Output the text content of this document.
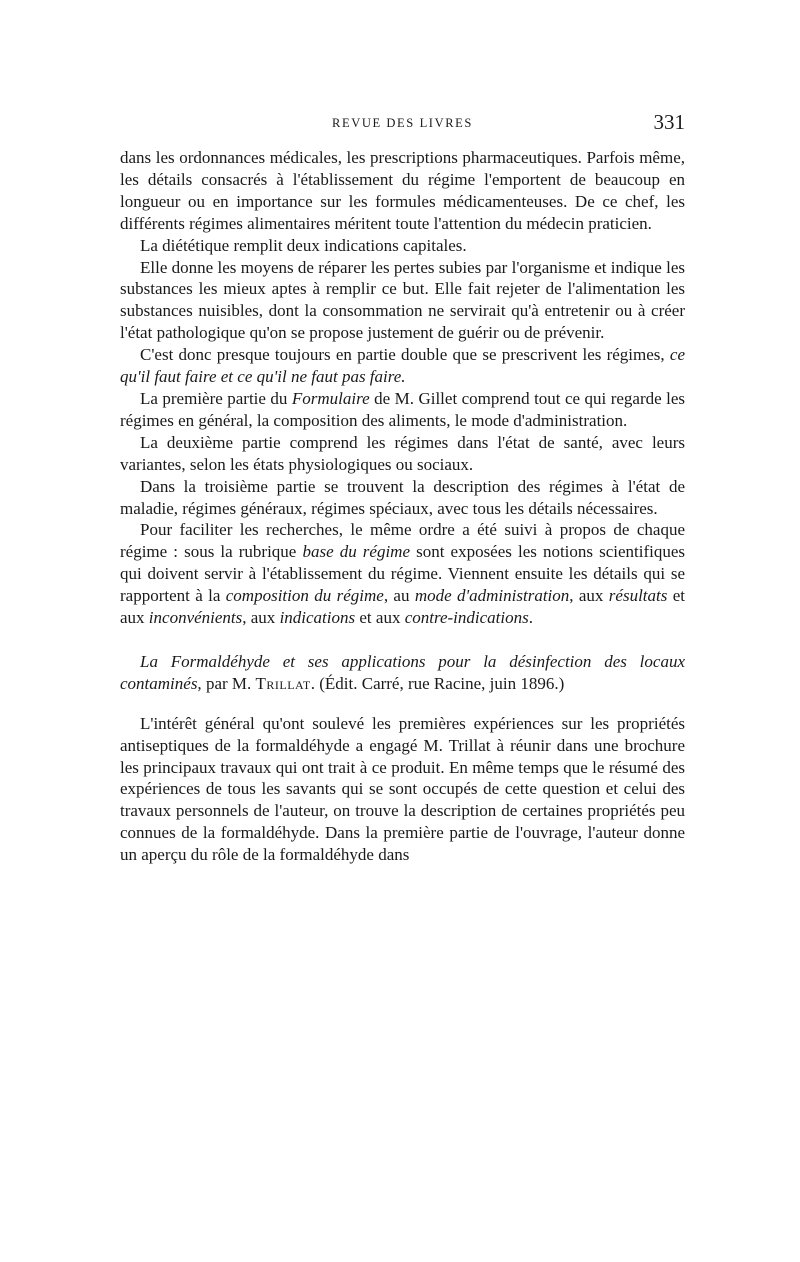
REVUE DES LIVRES	331

dans les ordonnances médicales, les prescriptions pharmaceutiques. Parfois même, les détails consacrés à l'établissement du régime l'emportent de beaucoup en longueur ou en importance sur les formules médicamenteuses. De ce chef, les différents régimes alimentaires méritent toute l'attention du médecin praticien.

La diététique remplit deux indications capitales.

Elle donne les moyens de réparer les pertes subies par l'organisme et indique les substances les mieux aptes à remplir ce but. Elle fait rejeter de l'alimentation les substances nuisibles, dont la consommation ne servirait qu'à entretenir ou à créer l'état pathologique qu'on se propose justement de guérir ou de prévenir.

C'est donc presque toujours en partie double que se prescrivent les régimes, ce qu'il faut faire et ce qu'il ne faut pas faire.

La première partie du Formulaire de M. Gillet comprend tout ce qui regarde les régimes en général, la composition des aliments, le mode d'administration.

La deuxième partie comprend les régimes dans l'état de santé, avec leurs variantes, selon les états physiologiques ou sociaux.

Dans la troisième partie se trouvent la description des régimes à l'état de maladie, régimes généraux, régimes spéciaux, avec tous les détails nécessaires.

Pour faciliter les recherches, le même ordre a été suivi à propos de chaque régime : sous la rubrique base du régime sont exposées les notions scientifiques qui doivent servir à l'établissement du régime. Viennent ensuite les détails qui se rapportent à la composition du régime, au mode d'administration, aux résultats et aux inconvénients, aux indications et aux contre-indications.

La Formaldéhyde et ses applications pour la désinfection des locaux contaminés, par M. Trillat. (Édit. Carré, rue Racine, juin 1896.)

L'intérêt général qu'ont soulevé les premières expériences sur les propriétés antiseptiques de la formaldéhyde a engagé M. Trillat à réunir dans une brochure les principaux travaux qui ont trait à ce produit. En même temps que le résumé des expériences de tous les savants qui se sont occupés de cette question et celui des travaux personnels de l'auteur, on trouve la description de certaines propriétés peu connues de la formaldéhyde. Dans la première partie de l'ouvrage, l'auteur donne un aperçu du rôle de la formaldéhyde dans
